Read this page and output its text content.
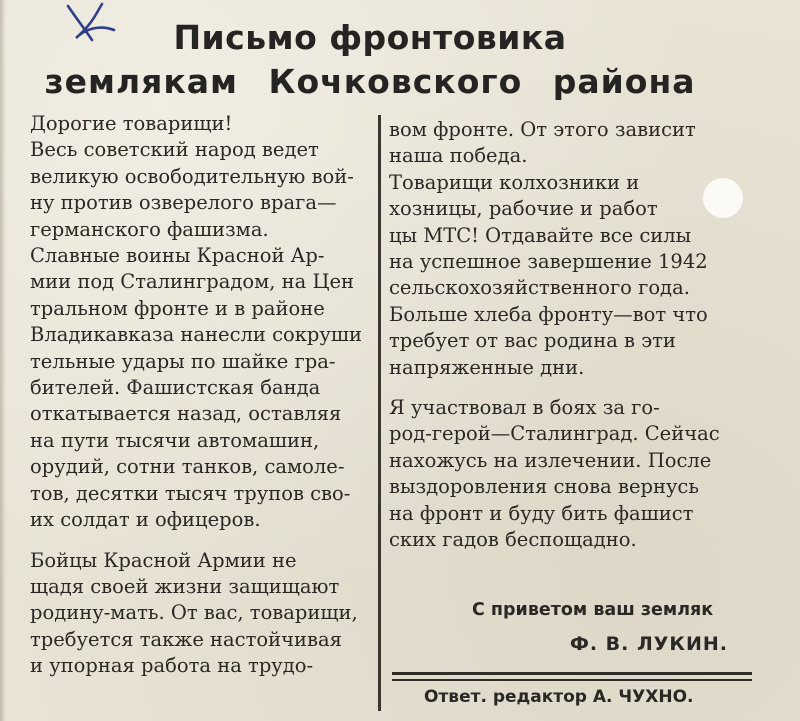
Письмо фронтовика
землякам Кочковского района

Дорогие товарищи!

Весь советский народ ведет

великую освободительную вой-

ну против озверелого врага—

германского фашизма.

Славные воины Красной Ар-

мии под Сталинградом, на Цен

тральном фронте и в районе

Владикавказа нанесли сокруши

тельные удары по шайке гра-

бителей. Фашистская банда

откатывается назад, оставляя

на пути тысячи автомашин,

орудий, сотни танков, самоле-

тов, десятки тысяч трупов сво-

их солдат и офицеров.

Бойцы Красной Армии не

щадя своей жизни защищают

родину-мать. От вас, товарищи,

требуется также настойчивая

и упорная работа на трудо-

вом фронте. От этого зависит

наша победа.

Товарищи колхозники и

хозницы, рабочие и работ

цы МТС! Отдавайте все силы

на успешное завершение 1942

сельскохозяйственного года.

Больше хлеба фронту—вот что

требует от вас родина в эти

напряженные дни.

Я участвовал в боях за го-

род-герой—Сталинград. Сейчас

нахожусь на излечении. После

выздоровления снова вернусь

на фронт и буду бить фашист

ских гадов беспощадно.

С приветом ваш земляк
Ф. В. ЛУКИН.
Ответ. редактор А. ЧУХНО.
